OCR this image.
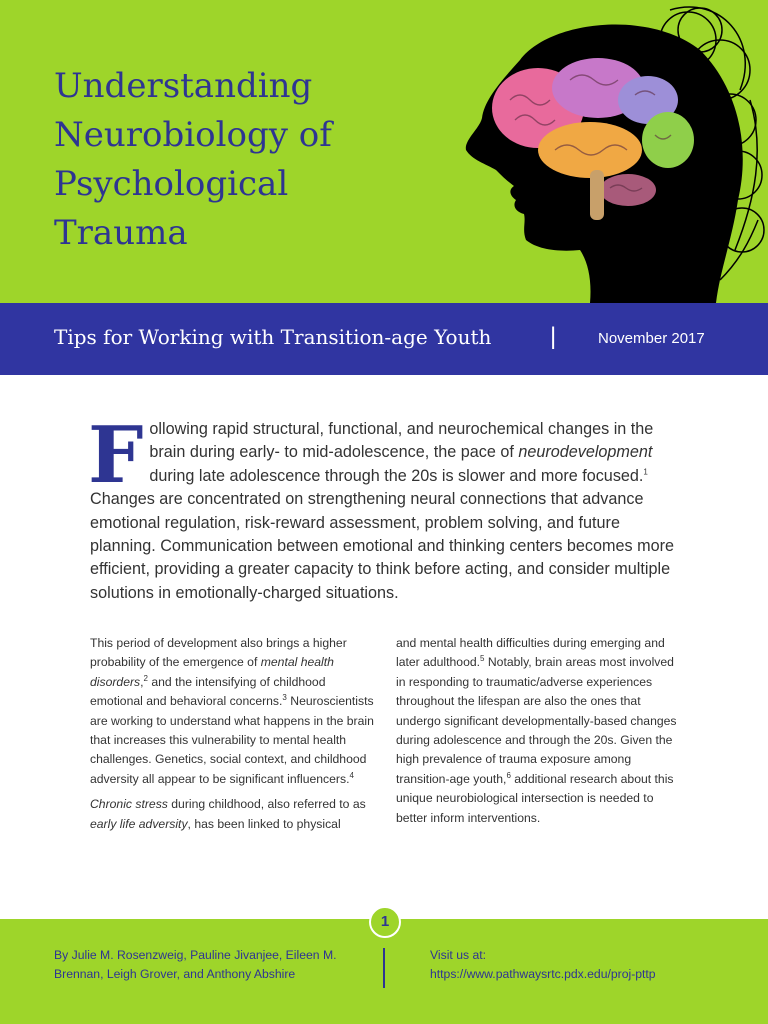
Understanding
Neurobiology of
Psychological
Trauma
Tips for Working with Transition-age Youth |	November 2017

Following rapid structural, functional, and neurochemical changes in the brain during early- to mid-adolescence, the pace of neurodevelopment during late adolescence through the 20s is slower and more focused.$^1$ Changes are concentrated on strengthening neural connections that advance emotional regulation, risk-reward assessment, problem solving, and future planning. Communication between emotional and thinking centers becomes more efficient, providing a greater capacity to think before acting, and consider multiple solutions in emotionally-charged situations.

This period of development also brings a higher probability of the emergence of mental health disorders,$^2$ and the intensifying of childhood emotional and behavioral concerns.$^3$ Neuroscientists are working to understand what happens in the brain that increases this vulnerability to mental health challenges. Genetics, social context, and childhood adversity all appear to be significant influencers.$^4$

Chronic stress during childhood, also referred to as early life adversity, has been linked to physical

and mental health difficulties during emerging and later adulthood.$^5$ Notably, brain areas most involved in responding to traumatic/adverse experiences throughout the lifespan are also the ones that undergo significant developmentally-based changes during adolescence and through the 20s. Given the high prevalence of trauma exposure among transition-age youth,$^6$ additional research about this unique neurobiological intersection is needed to better inform interventions.

1
By Julie M. Rosenzweig, Pauline Jivanjee, Eileen M. Brennan, Leigh Grover, and Anthony Abshire
Visit us at:
https://www.pathwaysrtc.pdx.edu/proj-pttp
